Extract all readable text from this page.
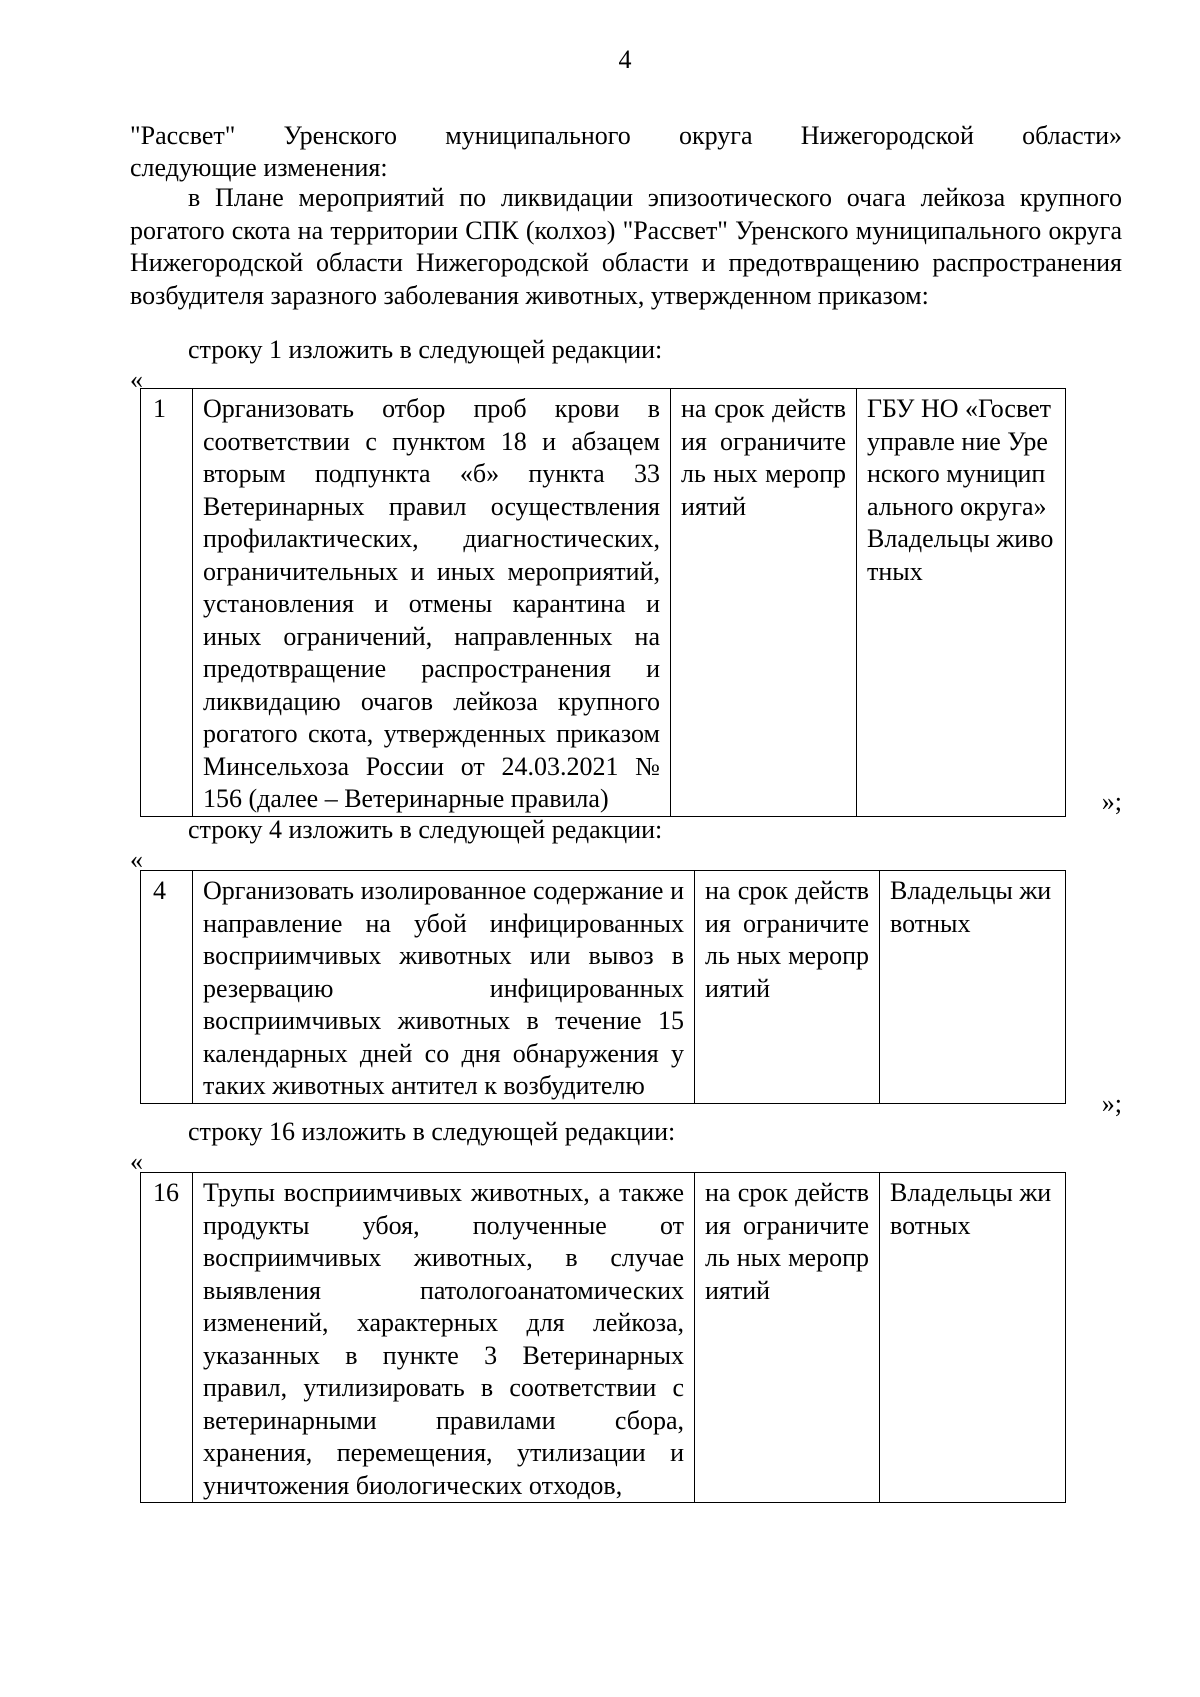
4
"Рассвет" Уренского муниципального округа Нижегородской области»
следующие изменения:

в Плане мероприятий по ликвидации эпизоотического очага лейкоза крупного рогатого скота на территории СПК (колхоз) "Рассвет" Уренского муниципального округа Нижегородской области Нижегородской области и предотвращению распространения возбудителя заразного заболевания животных, утвержденном приказом:

строку 1 изложить в следующей редакции:
«
1	Организовать отбор проб крови в соответствии с пунктом 18 и абзацем вторым подпункта «б» пункта 33 Ветеринарных правил осуществления профилактических, диагностических, ограничительных и иных мероприятий, установления и отмены карантина и иных ограничений, направленных на предотвращение распространения и ликвидацию очагов лейкоза крупного рогатого скота, утвержденных приказом Минсельхоза России от 24.03.2021 № 156 (далее – Ветеринарные правила)	на срок действия ограничитель ных мероприятий	ГБУ НО «Госветуправле ние Уренского муниципального округа» Владельцы животных
»;
строку 4 изложить в следующей редакции:
«
4	Организовать изолированное содержание и направление на убой инфицированных восприимчивых животных или вывоз в резервацию инфицированных восприимчивых животных в течение 15 календарных дней со дня обнаружения у таких животных антител к возбудителю	на срок действия ограничитель ных мероприятий	Владельцы животных
»;
строку 16 изложить в следующей редакции:
«
16	Трупы восприимчивых животных, а также продукты убоя, полученные от восприимчивых животных, в случае выявления патологоанатомических изменений, характерных для лейкоза, указанных в пункте 3 Ветеринарных правил, утилизировать в соответствии с ветеринарными правилами сбора, хранения, перемещения, утилизации и уничтожения биологических отходов,	на срок действия ограничитель ных мероприятий	Владельцы животных
